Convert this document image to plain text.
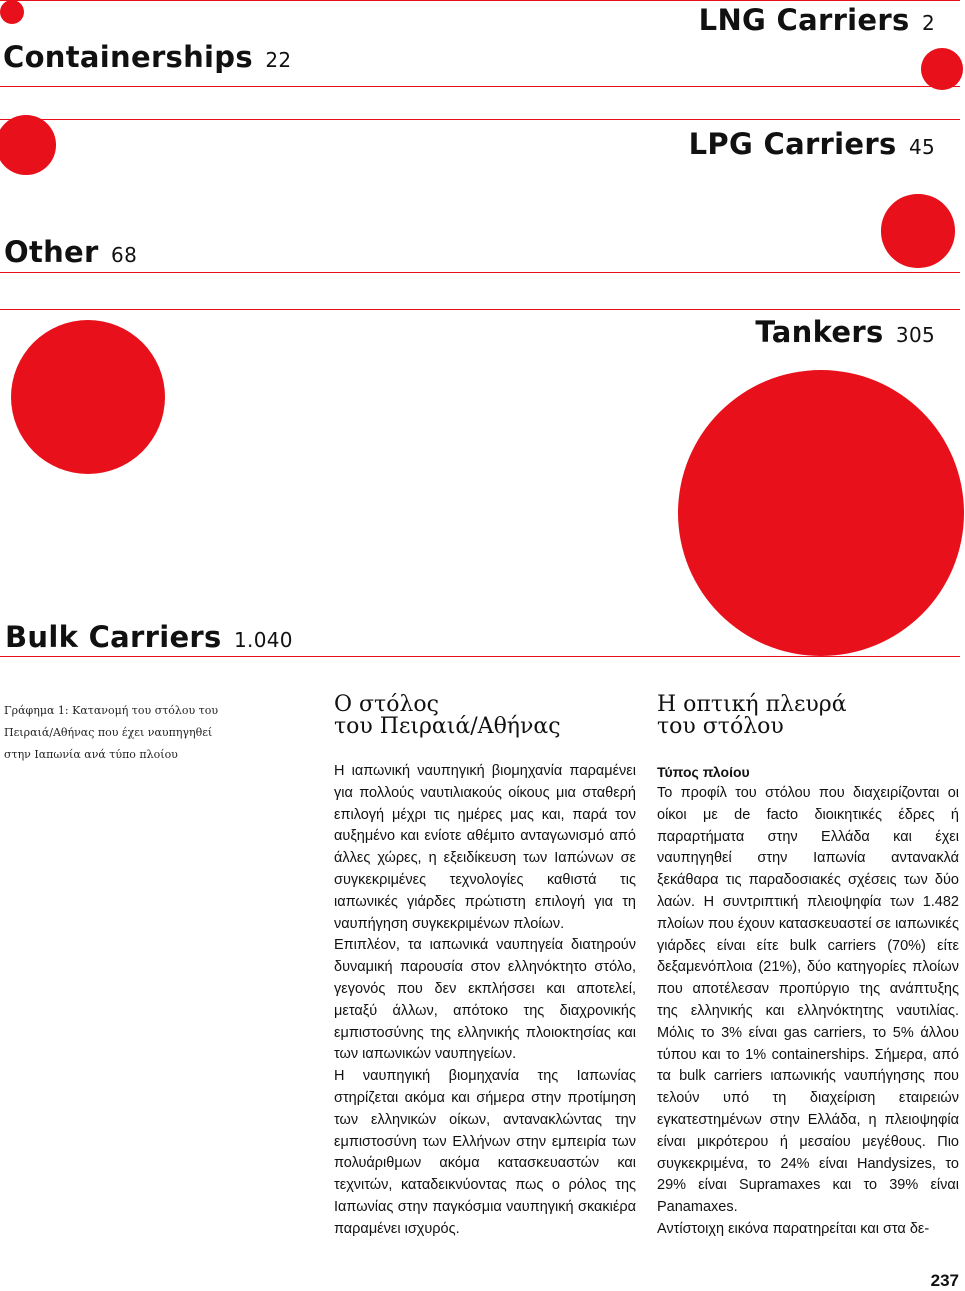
LNG Carriers 2
Containerships 22
LPG Carriers 45
Other 68
Tankers 305
Bulk Carriers 1.040
Γράφημα 1: Κατανομή του στόλου του Πειραιά/Αθήνας που έχει ναυπηγηθεί στην Ιαπωνία ανά τύπο πλοίου
Ο στόλος
του Πειραιά/Αθήνας

Η ιαπωνική ναυπηγική βιομηχανία παραμένει για πολλούς ναυτιλιακούς οίκους μια σταθερή επιλογή μέχρι τις ημέρες μας και, παρά τον αυξημένο και ενίοτε αθέμιτο ανταγωνισμό από άλλες χώρες, η εξειδίκευση των Ιαπώνων σε συγκεκριμένες τεχνολογίες καθιστά τις ιαπωνικές γιάρδες πρώτιστη επιλογή για τη ναυπήγηση συγκεκριμένων πλοίων.

Επιπλέον, τα ιαπωνικά ναυπηγεία διατηρούν δυναμική παρουσία στον ελληνόκτητο στόλο, γεγονός που δεν εκπλήσσει και αποτελεί, μεταξύ άλλων, απότοκο της διαχρονικής εμπιστοσύνης της ελληνικής πλοιοκτησίας και των ιαπωνικών ναυπηγείων.

Η ναυπηγική βιομηχανία της Ιαπωνίας στηρίζεται ακόμα και σήμερα στην προτίμηση των ελληνικών οίκων, αντανακλώντας την εμπιστοσύνη των Ελλήνων στην εμπειρία των πολυάριθμων ακόμα κατασκευαστών και τεχνιτών, καταδεικνύοντας πως ο ρόλος της Ιαπωνίας στην παγκόσμια ναυπηγική σκακιέρα παραμένει ισχυρός.

Η οπτική πλευρά
του στόλου
Τύπος πλοίου

Το προφίλ του στόλου που διαχειρίζονται οι οίκοι με de facto διοικητικές έδρες ή παραρτήματα στην Ελλάδα και έχει ναυπηγηθεί στην Ιαπωνία αντανακλά ξεκάθαρα τις παραδοσιακές σχέσεις των δύο λαών. Η συντριπτική πλειοψηφία των 1.482 πλοίων που έχουν κατασκευαστεί σε ιαπωνικές γιάρδες είναι είτε bulk carriers (70%) είτε δεξαμενόπλοια (21%), δύο κατηγορίες πλοίων που αποτέλεσαν προπύργιο της ανάπτυξης της ελληνικής και ελληνόκτητης ναυτιλίας. Μόλις το 3% είναι gas carriers, το 5% άλλου τύπου και το 1% containerships. Σήμερα, από τα bulk carriers ιαπωνικής ναυπήγησης που τελούν υπό τη διαχείριση εταιρειών εγκατεστημένων στην Ελλάδα, η πλειοψηφία είναι μικρότερου ή μεσαίου μεγέθους. Πιο συγκεκριμένα, το 24% είναι Handysizes, το 29% είναι Supramaxes και το 39% είναι Panamaxes.

Αντίστοιχη εικόνα παρατηρείται και στα δε-

237
